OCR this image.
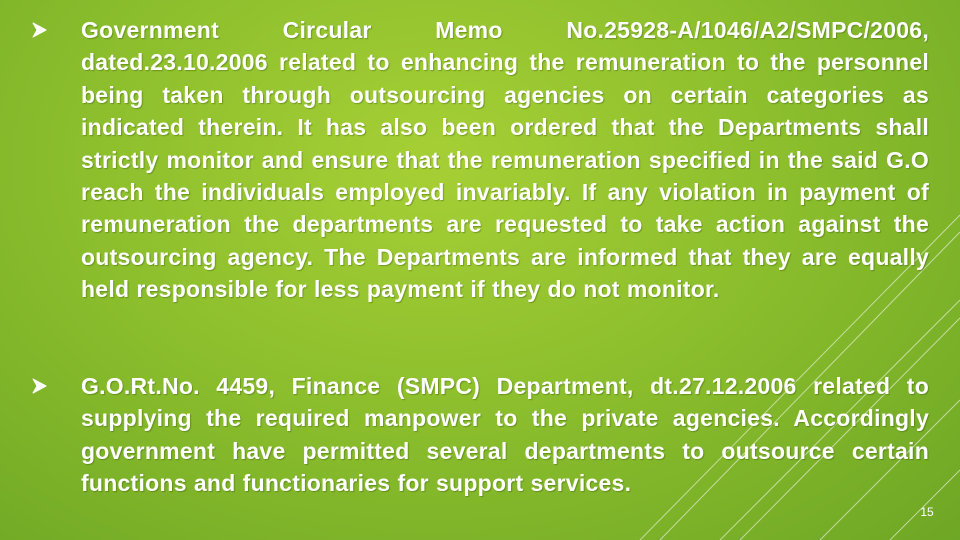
Government Circular Memo No.25928-A/1046/A2/SMPC/2006, dated.23.10.2006 related to enhancing the remuneration to the personnel being taken through outsourcing agencies on certain categories as indicated therein. It has also been ordered that the Departments shall strictly monitor and ensure that the remuneration specified in the said G.O reach the individuals employed invariably. If any violation in payment of remuneration the departments are requested to take action against the outsourcing agency. The Departments are informed that they are equally held responsible for less payment if they do not monitor.
G.O.Rt.No. 4459, Finance (SMPC) Department, dt.27.12.2006 related to supplying the required manpower to the private agencies. Accordingly government have permitted several departments to outsource certain functions and functionaries for support services.
15
